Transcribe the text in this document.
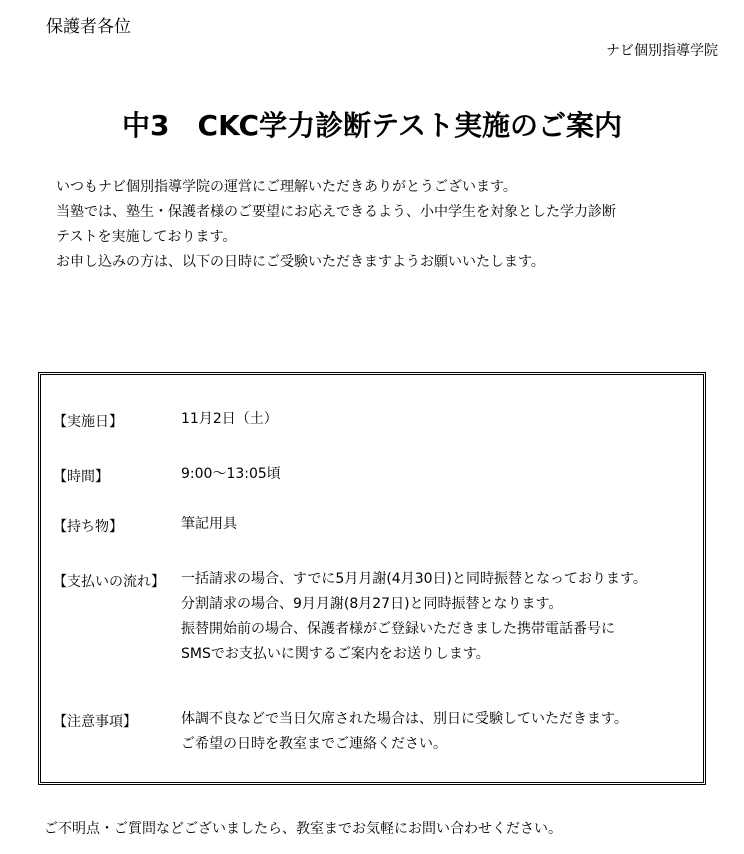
保護者各位
ナビ個別指導学院
中3　CKC学力診断テスト実施のご案内
いつもナビ個別指導学院の運営にご理解いただきありがとうございます。
当塾では、塾生・保護者様のご要望にお応えできるよう、小中学生を対象とした学力診断
テストを実施しております。
お申し込みの方は、以下の日時にご受験いただきますようお願いいたします。
【実施日】	11月2日（土）
【時間】	9:00〜13:05頃
【持ち物】	筆記用具
【支払いの流れ】 一括請求の場合、すでに5月月謝(4月30日)と同時振替となっております。
分割請求の場合、9月月謝(8月27日)と同時振替となります。
振替開始前の場合、保護者様がご登録いただきました携帯電話番号に
SMSでお支払いに関するご案内をお送りします。
【注意事項】	体調不良などで当日欠席された場合は、別日に受験していただきます。
ご希望の日時を教室までご連絡ください。
ご不明点・ご質問などございましたら、教室までお気軽にお問い合わせください。
